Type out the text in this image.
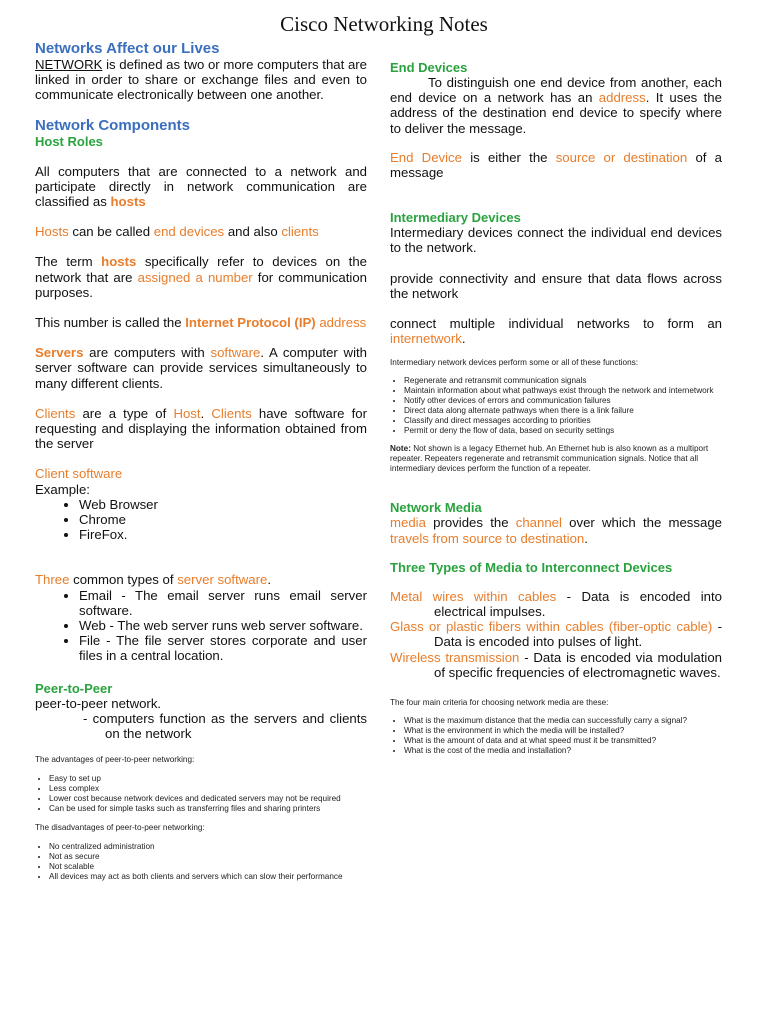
Cisco Networking Notes

Networks Affect our Lives

NETWORK is defined as two or more computers that are linked in order to share or exchange files and even to communicate electronically between one another.

Network Components

Host Roles

All computers that are connected to a network and participate directly in network communication are classified as hosts

Hosts can be called end devices and also clients

The term hosts specifically refer to devices on the network that are assigned a number for communication purposes.

This number is called the Internet Protocol (IP) address

Servers are computers with software. A computer with server software can provide services simultaneously to many different clients.

Clients are a type of Host. Clients have software for requesting and displaying the information obtained from the server

Client software

Example:

• Web Browser
• Chrome
• FireFox.

Three common types of server software.

• Email - The email server runs email server software.
• Web - The web server runs web server software.
• File - The file server stores corporate and user files in a central location.

Peer-to-Peer

peer-to-peer network.

- computers function as the servers and clients on the network

The advantages of peer-to-peer networking:
• Easy to set up
• Less complex
• Lower cost because network devices and dedicated servers may not be required
• Can be used for simple tasks such as transferring files and sharing printers
The disadvantages of peer-to-peer networking:
• No centralized administration
• Not as secure
• Not scalable
• All devices may act as both clients and servers which can slow their performance

End Devices

To distinguish one end device from another, each end device on a network has an address. It uses the address of the destination end device to specify where to deliver the message.

End Device is either the source or destination of a message

Intermediary Devices

Intermediary devices connect the individual end devices to the network.

provide connectivity and ensure that data flows across the network

connect multiple individual networks to form an internetwork.

Intermediary network devices perform some or all of these functions:
• Regenerate and retransmit communication signals
• Maintain information about what pathways exist through the network and internetwork
• Notify other devices of errors and communication failures
• Direct data along alternate pathways when there is a link failure
• Classify and direct messages according to priorities
• Permit or deny the flow of data, based on security settings
Note: Not shown is a legacy Ethernet hub. An Ethernet hub is also known as a multiport repeater. Repeaters regenerate and retransmit communication signals. Notice that all intermediary devices perform the function of a repeater.

Network Media

media provides the channel over which the message travels from source to destination.

Three Types of Media to Interconnect Devices

Metal wires within cables - Data is encoded into electrical impulses.

Glass or plastic fibers within cables (fiber-optic cable) - Data is encoded into pulses of light.

Wireless transmission - Data is encoded via modulation of specific frequencies of electromagnetic waves.

The four main criteria for choosing network media are these:
• What is the maximum distance that the media can successfully carry a signal?
• What is the environment in which the media will be installed?
• What is the amount of data and at what speed must it be transmitted?
• What is the cost of the media and installation?
